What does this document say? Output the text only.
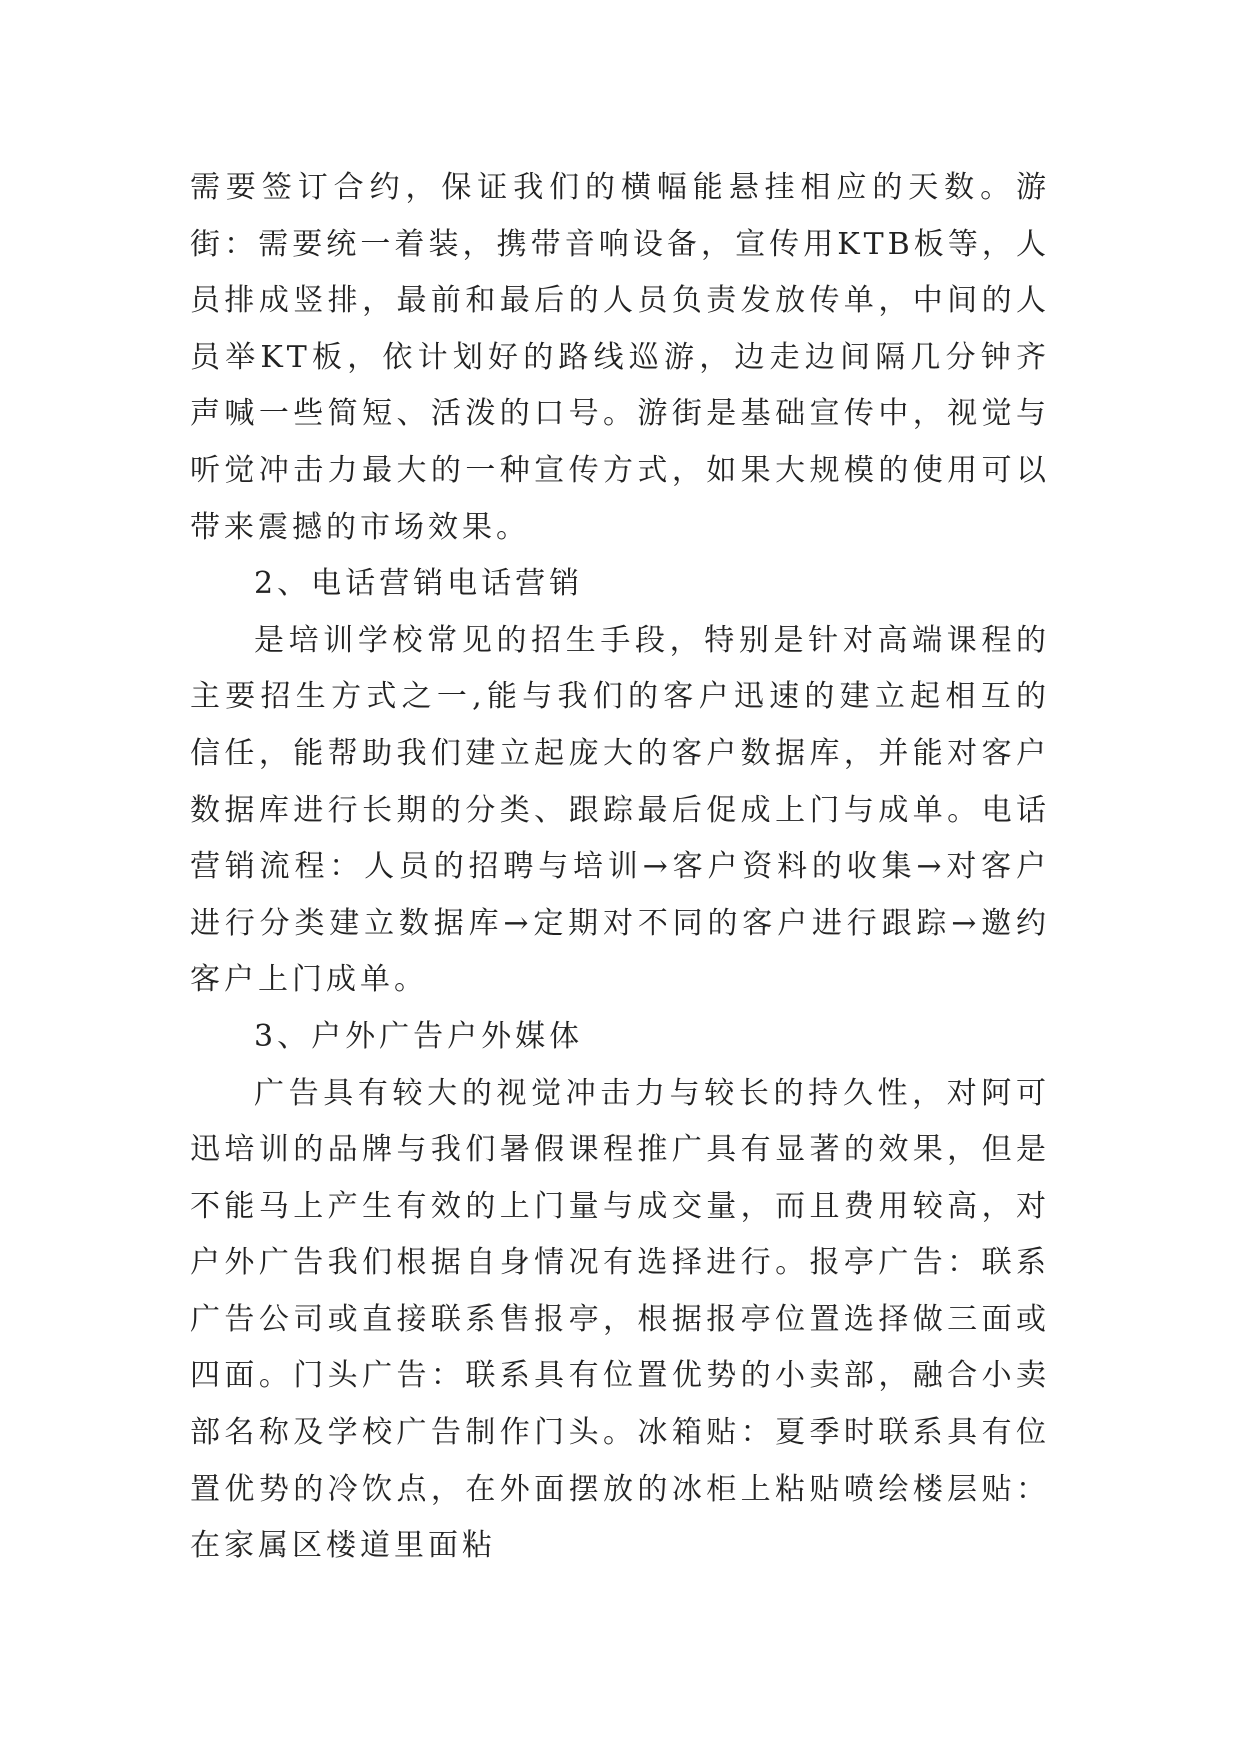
需要签订合约，保证我们的横幅能悬挂相应的天数。游街：需要统一着装，携带音响设备，宣传用KTB板等，人员排成竖排，最前和最后的人员负责发放传单，中间的人员举KT板，依计划好的路线巡游，边走边间隔几分钟齐声喊一些简短、活泼的口号。游街是基础宣传中，视觉与听觉冲击力最大的一种宣传方式，如果大规模的使用可以带来震撼的市场效果。

2、电话营销电话营销

是培训学校常见的招生手段，特别是针对高端课程的主要招生方式之一,能与我们的客户迅速的建立起相互的信任，能帮助我们建立起庞大的客户数据库，并能对客户数据库进行长期的分类、跟踪最后促成上门与成单。电话营销流程：人员的招聘与培训→客户资料的收集→对客户进行分类建立数据库→定期对不同的客户进行跟踪→邀约客户上门成单。

3、户外广告户外媒体

广告具有较大的视觉冲击力与较长的持久性，对阿可迅培训的品牌与我们暑假课程推广具有显著的效果，但是不能马上产生有效的上门量与成交量，而且费用较高，对户外广告我们根据自身情况有选择进行。报亭广告：联系广告公司或直接联系售报亭，根据报亭位置选择做三面或四面。门头广告：联系具有位置优势的小卖部，融合小卖部名称及学校广告制作门头。冰箱贴：夏季时联系具有位置优势的冷饮点，在外面摆放的冰柜上粘贴喷绘楼层贴：在家属区楼道里面粘
